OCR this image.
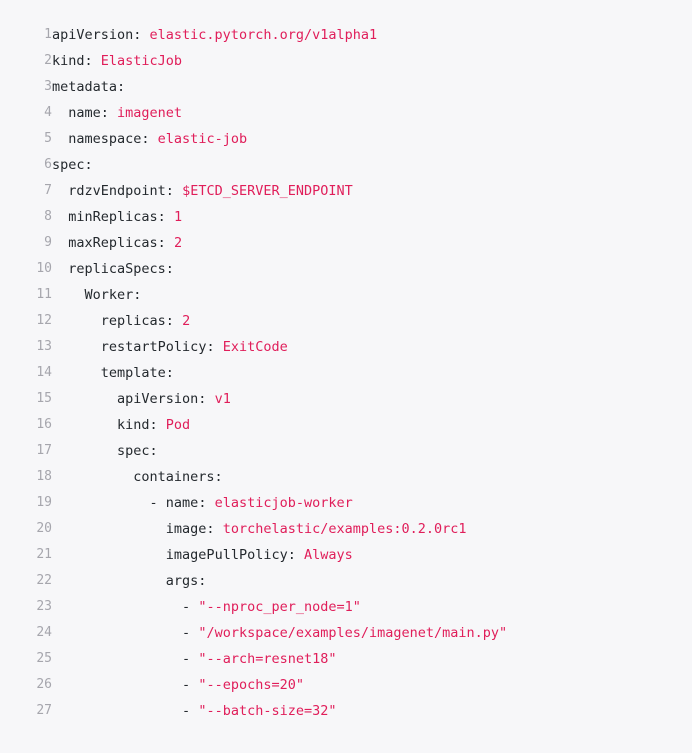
1	apiVersion: elastic.pytorch.org/v1alpha1
2	kind: ElasticJob
3	metadata:
4	name: imagenet
5	namespace: elastic-job
6	spec:
7	rdzvEndpoint: $ETCD_SERVER_ENDPOINT
8	minReplicas: 1
9	maxReplicas: 2
10	replicaSpecs:
11	Worker:
12	replicas: 2
13	restartPolicy: ExitCode
14	template:
15	apiVersion: v1
16	kind: Pod
17	spec:
18	containers:
19	- name: elasticjob-worker
20	image: torchelastic/examples:0.2.0rc1
21	imagePullPolicy: Always
22	args:
23	- "--nproc_per_node=1"
24	- "/workspace/examples/imagenet/main.py"
25	- "--arch=resnet18"
26	- "--epochs=20"
27	- "--batch-size=32"
